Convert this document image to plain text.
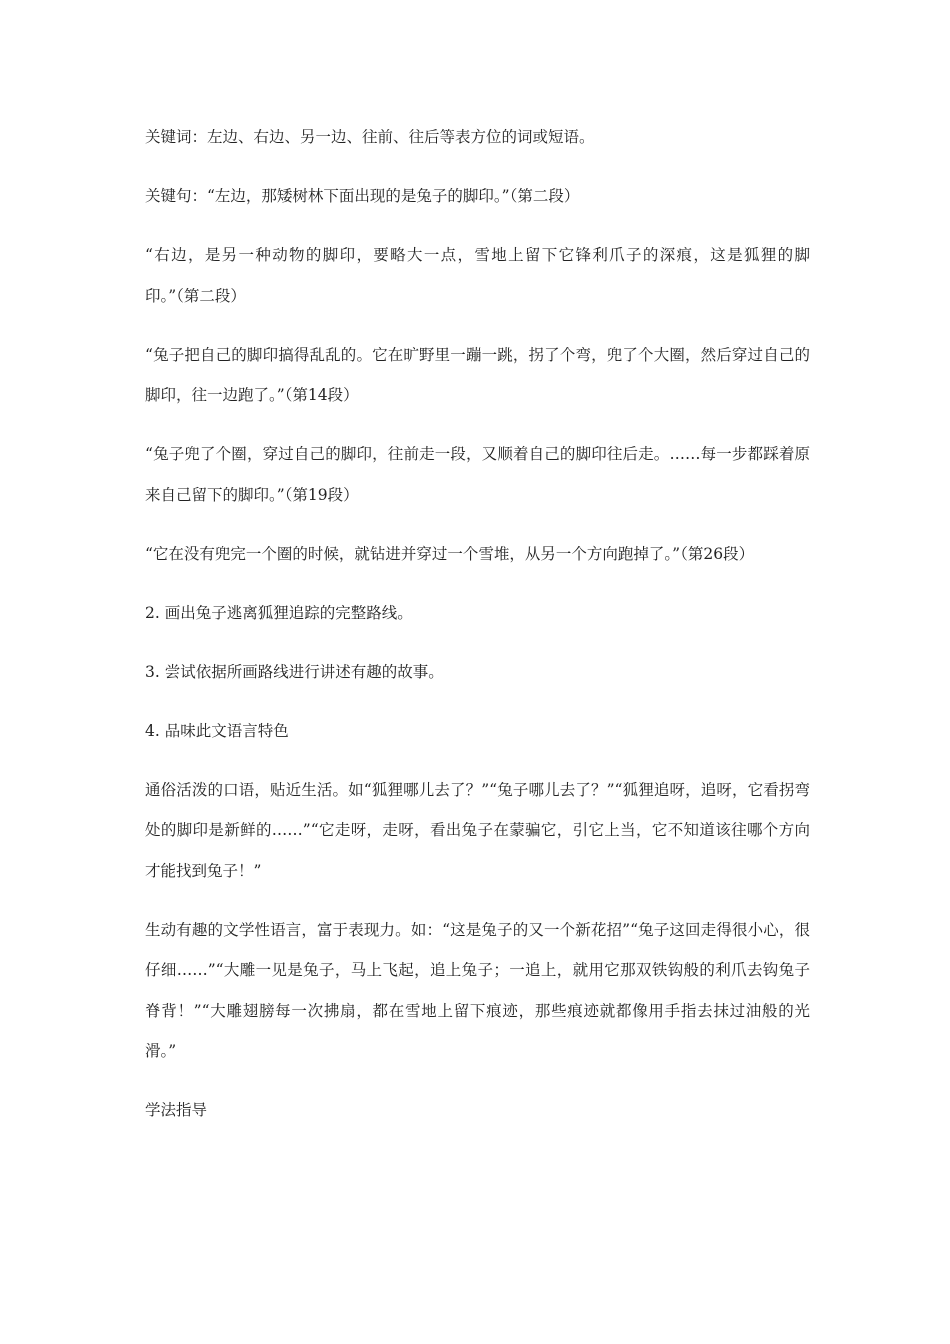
关键词：左边、右边、另一边、往前、往后等表方位的词或短语。

关键句：“左边，那矮树林下面出现的是兔子的脚印。”（第二段）

“右边，是另一种动物的脚印，要略大一点，雪地上留下它锋利爪子的深痕，这是狐狸的脚印。”（第二段）

“兔子把自己的脚印搞得乱乱的。它在旷野里一蹦一跳，拐了个弯，兜了个大圈，然后穿过自己的脚印，往一边跑了。”（第14段）

“兔子兜了个圈，穿过自己的脚印，往前走一段，又顺着自己的脚印往后走。……每一步都踩着原来自己留下的脚印。”（第19段）

“它在没有兜完一个圈的时候，就钻进并穿过一个雪堆，从另一个方向跑掉了。”（第26段）

2. 画出兔子逃离狐狸追踪的完整路线。

3. 尝试依据所画路线进行讲述有趣的故事。

4. 品味此文语言特色

通俗活泼的口语，贴近生活。如“狐狸哪儿去了？”“兔子哪儿去了？”“狐狸追呀，追呀，它看拐弯处的脚印是新鲜的……”“它走呀，走呀，看出兔子在蒙骗它，引它上当，它不知道该往哪个方向才能找到兔子！”

生动有趣的文学性语言，富于表现力。如：“这是兔子的又一个新花招”“兔子这回走得很小心，很仔细……”“大雕一见是兔子，马上飞起，追上兔子；一追上，就用它那双铁钩般的利爪去钩兔子脊背！”“大雕翅膀每一次拂扇，都在雪地上留下痕迹，那些痕迹就都像用手指去抹过油般的光滑。”

学法指导
